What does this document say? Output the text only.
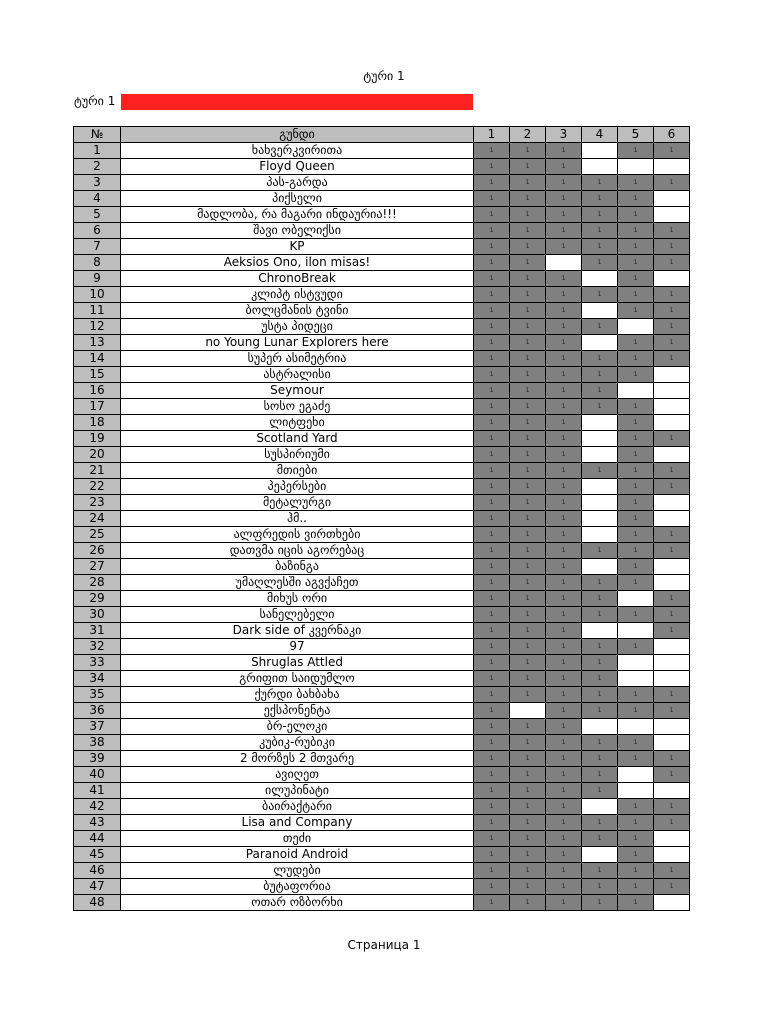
ტური 1
ტური 1
№	გუნდი	1	2	3	4	5	6
1	ხახვერკვირითა	1	1	1		1	1
2	Floyd Queen	1	1	1			
3	პას-გარდა	1	1	1	1	1	1
4	პიქსელი	1	1	1	1	1	
5	მადლობა, რა მაგარი ინდაურია!!!	1	1	1	1	1	
6	შავი ობელიქსი	1	1	1	1	1	1
7	KP	1	1	1	1	1	1
8	Aeksios Ono, ilon misas!	1	1		1	1	1
9	ChronoBreak	1	1	1		1	
10	კლიპტ ისტვუდი	1	1	1	1	1	1
11	ბოლცმანის ტვინი	1	1	1		1	1
12	უსტა პიდეცი	1	1	1	1		1
13	no Young Lunar Explorers here	1	1	1		1	1
14	სუპერ ასიმეტრია	1	1	1	1	1	1
15	ასტრალისი	1	1	1	1	1	
16	Seymour	1	1	1	1		
17	სოსო ეგაძე	1	1	1	1	1	
18	ლიტფეხი	1	1	1		1	
19	Scotland Yard	1	1	1		1	1
20	სუსპირიუმი	1	1	1		1	
21	მთიები	1	1	1	1	1	1
22	პეპერსები	1	1	1		1	1
23	მეტალურგი	1	1	1		1	
24	ჰმ..	1	1	1		1	
25	ალფრედის ვირთხები	1	1	1		1	1
26	დათვმა იცის აგორებაც	1	1	1	1	1	1
27	ბაზინგა	1	1	1		1	
28	უმაღლესში აგვქაჩეთ	1	1	1	1	1	
29	მიხუს ორი	1	1	1	1		1
30	სანელებელი	1	1	1	1	1	1
31	Dark side of კვერნაკი	1	1	1			1
32	97	1	1	1	1	1	
33	Shruglas Attled	1	1	1	1		
34	გრიფით საიდუმლო	1	1	1	1		
35	ქურდი ბახბახა	1	1	1	1	1	1
36	ექსპონენტა	1		1	1	1	1
37	ბრ-ელოკი	1	1	1			
38	კუბიკ-რუბიკი	1	1	1	1	1	
39	2 მორზეს 2 მთვარე	1	1	1	1	1	1
40	ავიღეთ	1	1	1	1		1
41	ილუპინატი	1	1	1	1		
42	ბაირაქტარი	1	1	1		1	1
43	Lisa and Company	1	1	1	1	1	1
44	თეძი	1	1	1	1	1	
45	Paranoid Android	1	1	1		1	
46	ლუდები	1	1	1	1	1	1
47	ბუტაფორია	1	1	1	1	1	1
48	ოთარ ოზბორხი	1	1	1	1	1	
Страница 1
